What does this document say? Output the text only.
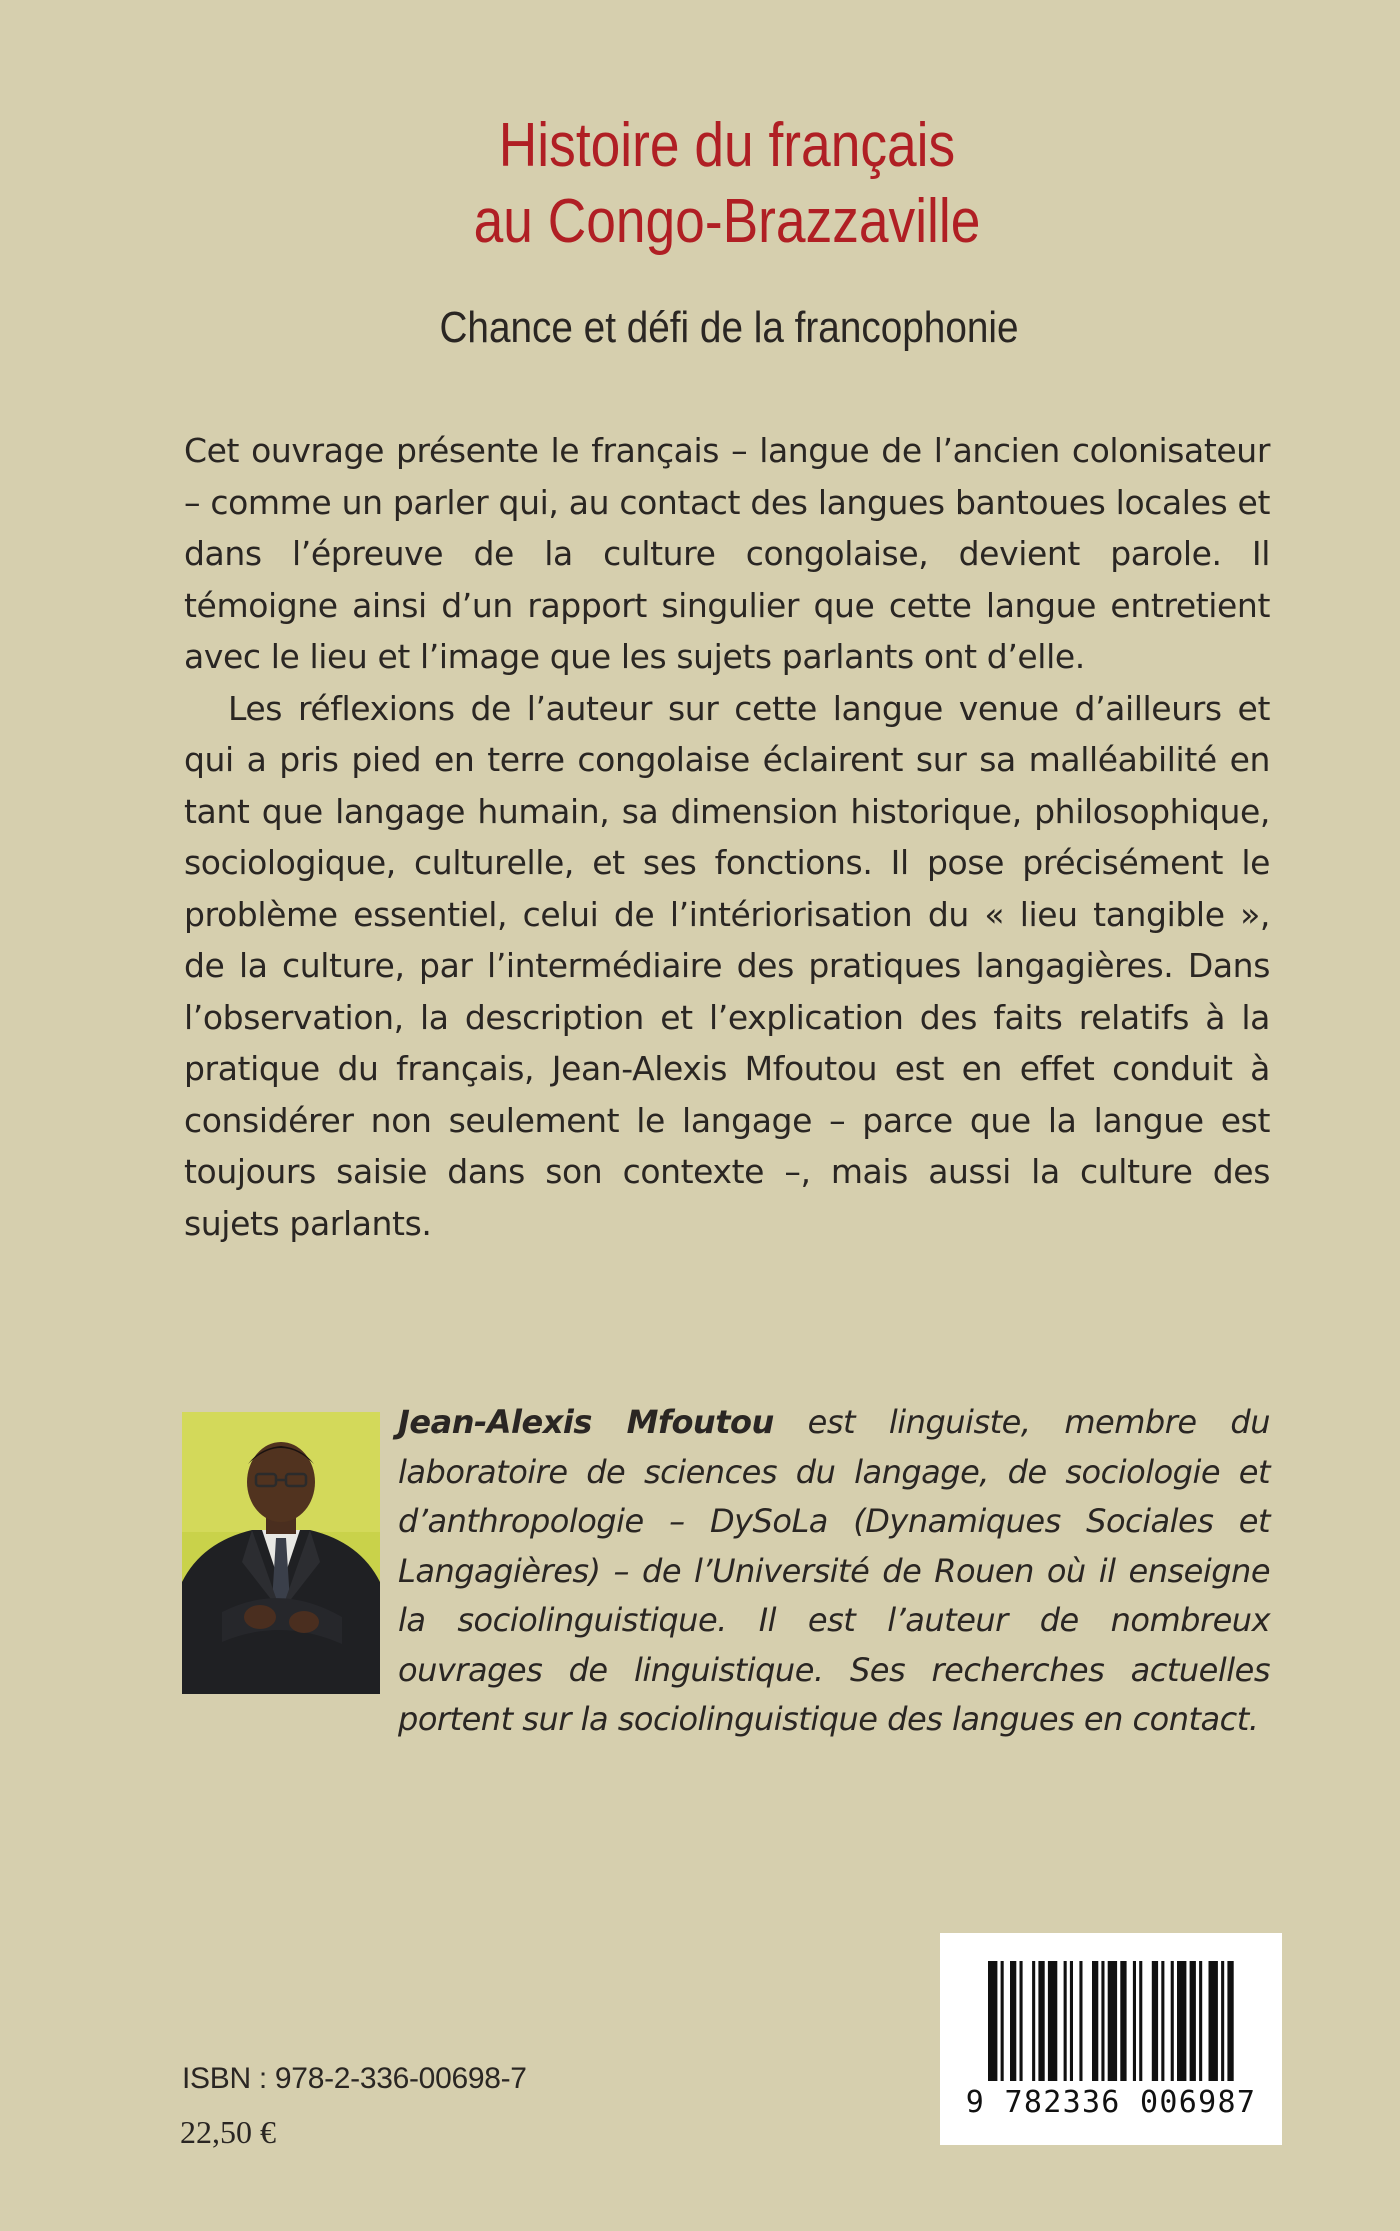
Histoire du français
au Congo-Brazzaville
Chance et défi de la francophonie

Cet ouvrage présente le français – langue de l’ancien colonisateur – comme un parler qui, au contact des langues bantoues locales et dans l’épreuve de la culture congolaise, devient parole. Il témoigne ainsi d’un rapport singulier que cette langue entretient avec le lieu et l’image que les sujets parlants ont d’elle.

Les réflexions de l’auteur sur cette langue venue d’ailleurs et qui a pris pied en terre congolaise éclairent sur sa malléabilité en tant que langage humain, sa dimension historique, philosophique, sociologique, culturelle, et ses fonctions. Il pose précisément le problème essentiel, celui de l’intériorisation du « lieu tangible », de la culture, par l’intermédiaire des pratiques langagières. Dans l’observation, la description et l’explication des faits relatifs à la pratique du français, Jean-Alexis Mfoutou est en effet conduit à considérer non seulement le langage – parce que la langue est toujours saisie dans son contexte –, mais aussi la culture des sujets parlants.

Jean-Alexis Mfoutou est linguiste, membre du laboratoire de sciences du langage, de sociologie et d’anthropologie – DySoLa (Dynamiques Sociales et Langagières) – de l’Université de Rouen où il enseigne la sociolinguistique. Il est l’auteur de nombreux ouvrages de linguistique. Ses recherches actuelles portent sur la sociolinguistique des langues en contact.
ISBN : 978-2-336-00698-7
22,50 €
9 782336 006987
